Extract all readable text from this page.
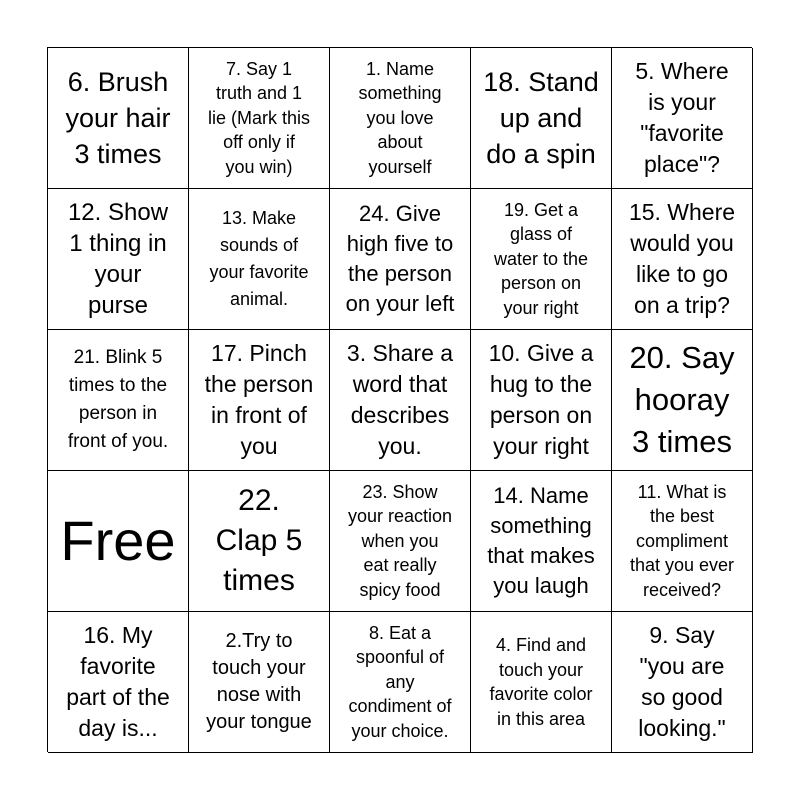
6. Brush
your hair
3 times
7. Say 1
truth and 1
lie (Mark this
off only if
you win)
1. Name
something
you love
about
yourself
18. Stand
up and
do a spin
5. Where
is your
"favorite
place"?
12. Show
1 thing in
your
purse
13. Make
sounds of
your favorite
animal.
24. Give
high five to
the person
on your left
19. Get a
glass of
water to the
person on
your right
15. Where
would you
like to go
on a trip?
21. Blink 5
times to the
person in
front of you.
17. Pinch
the person
in front of
you
3. Share a
word that
describes
you.
10. Give a
hug to the
person on
your right
20. Say
hooray
3 times
Free
22.
Clap 5
times
23. Show
your reaction
when you
eat really
spicy food
14. Name
something
that makes
you laugh
11. What is
the best
compliment
that you ever
received?
16. My
favorite
part of the
day is...
2.Try to
touch your
nose with
your tongue
8. Eat a
spoonful of
any
condiment of
your choice.
4. Find and
touch your
favorite color
in this area
9. Say
"you are
so good
looking."
